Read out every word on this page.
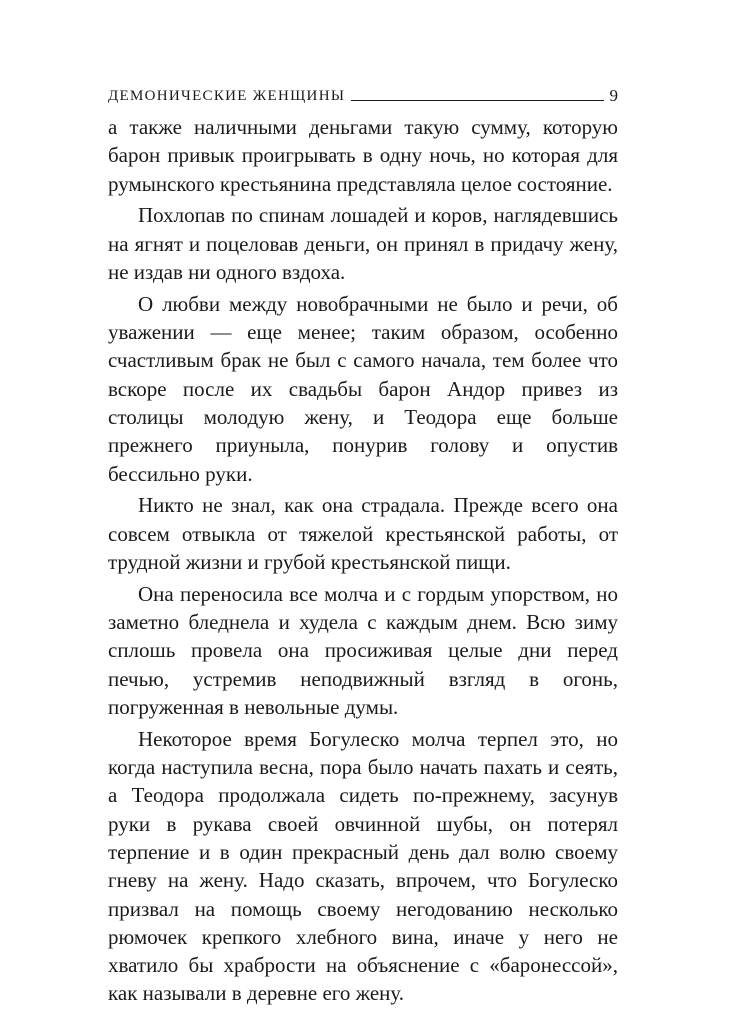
ДЕМОНИЧЕСКИЕ ЖЕНЩИНЫ	9

а также наличными деньгами такую сумму, которую барон привык проигрывать в одну ночь, но которая для румынского крестьянина представляла целое состояние.

Похлопав по спинам лошадей и коров, наглядевшись на ягнят и поцеловав деньги, он принял в придачу жену, не издав ни одного вздоха.

О любви между новобрачными не было и речи, об уважении — еще менее; таким образом, особенно счастливым брак не был с самого начала, тем более что вскоре после их свадьбы барон Андор привез из столицы молодую жену, и Теодора еще больше прежнего приуныла, понурив голову и опустив бессильно руки.

Никто не знал, как она страдала. Прежде всего она совсем отвыкла от тяжелой крестьянской работы, от трудной жизни и грубой крестьянской пищи.

Она переносила все молча и с гордым упорством, но заметно бледнела и худела с каждым днем. Всю зиму сплошь провела она просиживая целые дни перед печью, устремив неподвижный взгляд в огонь, погруженная в невольные думы.

Некоторое время Богулеско молча терпел это, но когда наступила весна, пора было начать пахать и сеять, а Теодора продолжала сидеть по-прежнему, засунув руки в рукава своей овчинной шубы, он потерял терпение и в один прекрасный день дал волю своему гневу на жену. Надо сказать, впрочем, что Богулеско призвал на помощь своему негодованию несколько рюмочек крепкого хлебного вина, иначе у него не хватило бы храбрости на объяснение с «баронессой», как называли в деревне его жену.
